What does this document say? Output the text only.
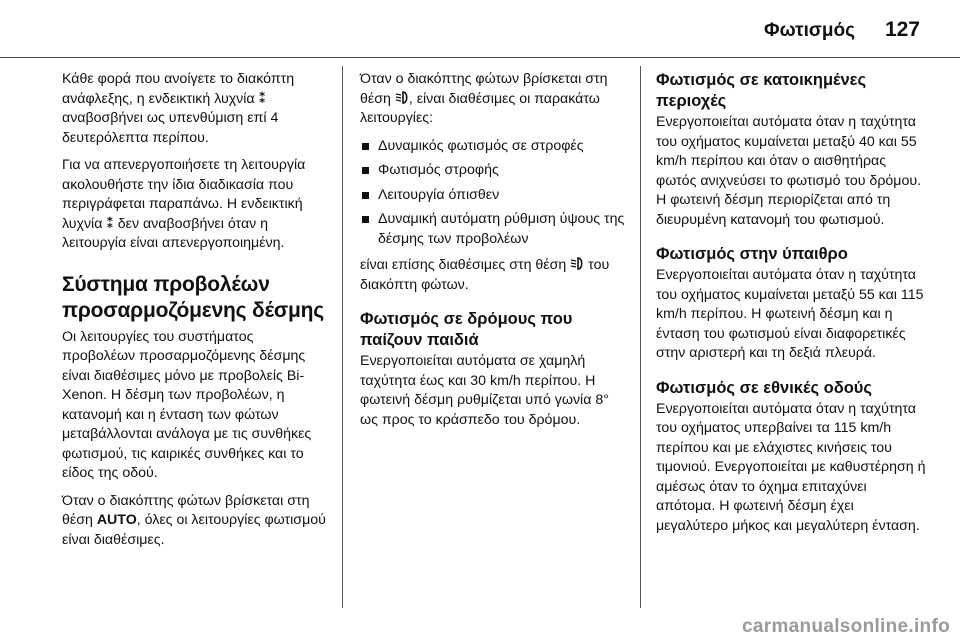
Φωτισμός 127

Κάθε φορά που ανοίγετε το διακόπτη ανάφλεξης, η ενδεικτική λυχνία ⁑ αναβοσβήνει ως υπενθύμιση επί 4 δευτερόλεπτα περίπου.

Για να απενεργοποιήσετε τη λειτουργία ακολουθήστε την ίδια διαδικασία που περιγράφεται παραπάνω. Η ενδεικτική λυχνία ⁑ δεν αναβοσβήνει όταν η λειτουργία είναι απενεργοποιημένη.

Σύστημα προβολέων προσαρμοζόμενης δέσμης

Οι λειτουργίες του συστήματος προβολέων προσαρμοζόμενης δέσμης είναι διαθέσιμες μόνο με προβολείς Bi-Xenon. Η δέσμη των προβολέων, η κατανομή και η ένταση των φώτων μεταβάλλονται ανάλογα με τις συνθήκες φωτισμού, τις καιρικές συνθήκες και το είδος της οδού.

Όταν ο διακόπτης φώτων βρίσκεται στη θέση AUTO, όλες οι λειτουργίες φωτισμού είναι διαθέσιμες.

Όταν ο διακόπτης φώτων βρίσκεται στη θέση , είναι διαθέσιμες οι παρακάτω λειτουργίες:

Δυναμικός φωτισμός σε στροφές
Φωτισμός στροφής
Λειτουργία όπισθεν
Δυναμική αυτόματη ρύθμιση ύψους της δέσμης των προβολέων

είναι επίσης διαθέσιμες στη θέση  του διακόπτη φώτων.

Φωτισμός σε δρόμους που παίζουν παιδιά

Ενεργοποιείται αυτόματα σε χαμηλή ταχύτητα έως και 30 km/h περίπου. Η φωτεινή δέσμη ρυθμίζεται υπό γωνία 8° ως προς το κράσπεδο του δρόμου.

Φωτισμός σε κατοικημένες περιοχές

Ενεργοποιείται αυτόματα όταν η ταχύτητα του οχήματος κυμαίνεται μεταξύ 40 και 55 km/h περίπου και όταν ο αισθητήρας φωτός ανιχνεύσει το φωτισμό του δρόμου. Η φωτεινή δέσμη περιορίζεται από τη διευρυμένη κατανομή του φωτισμού.

Φωτισμός στην ύπαιθρο

Ενεργοποιείται αυτόματα όταν η ταχύτητα του οχήματος κυμαίνεται μεταξύ 55 και 115 km/h περίπου. Η φωτεινή δέσμη και η ένταση του φωτισμού είναι διαφορετικές στην αριστερή και τη δεξιά πλευρά.

Φωτισμός σε εθνικές οδούς

Ενεργοποιείται αυτόματα όταν η ταχύτητα του οχήματος υπερβαίνει τα 115 km/h περίπου και με ελάχιστες κινήσεις του τιμονιού. Ενεργοποιείται με καθυστέρηση ή αμέσως όταν το όχημα επιταχύνει απότομα. Η φωτεινή δέσμη έχει μεγαλύτερο μήκος και μεγαλύτερη ένταση.

carmanualsonline.info
